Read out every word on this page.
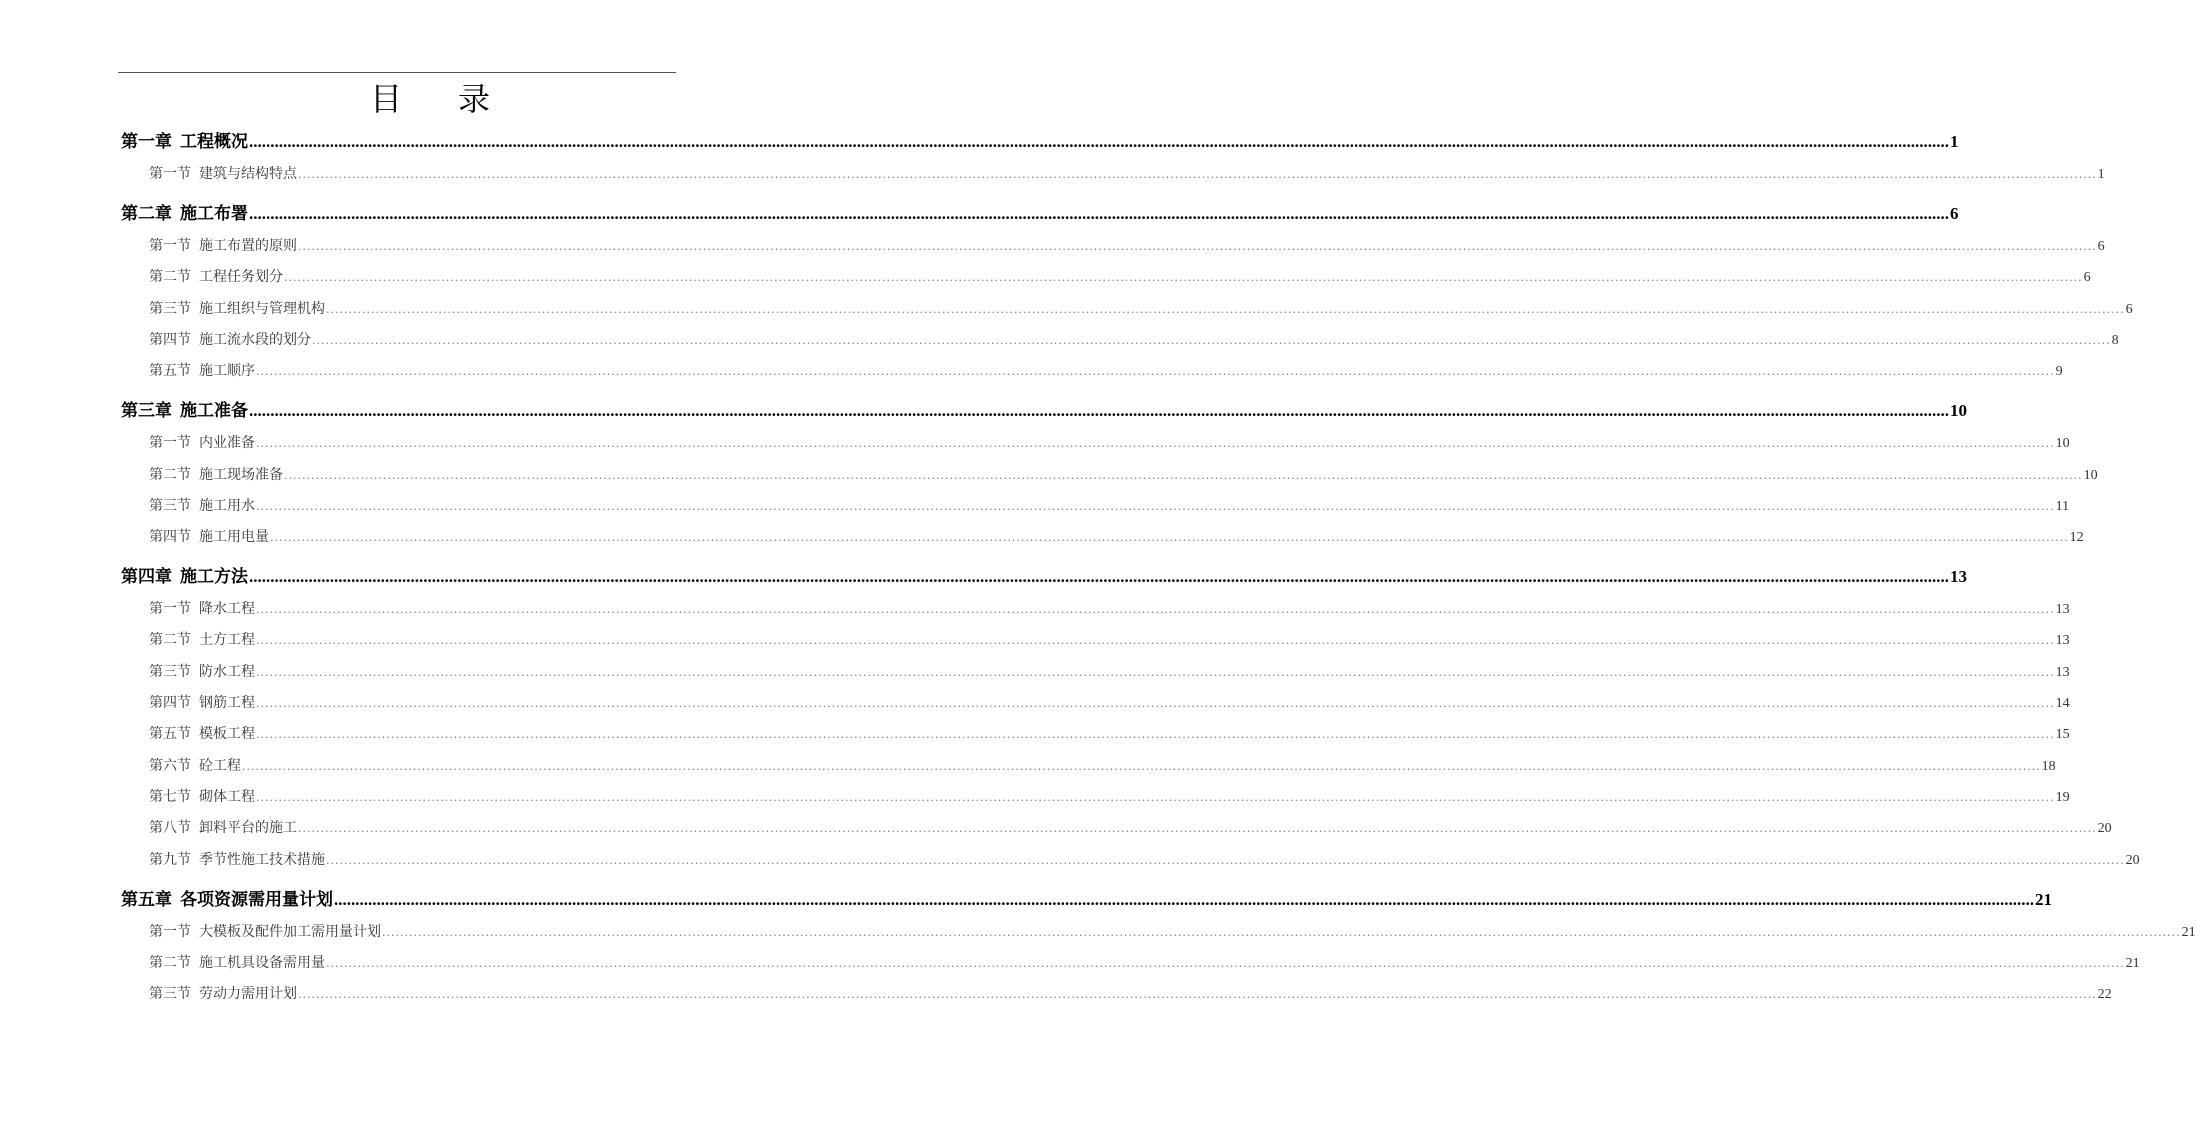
目 录
第一章 工程概况 ................................................................................................................................................................................................................................................................................................................................................................................................................ 1
第一节 建筑与结构特点 ................................................................................................................................................................................................................................................................................................................................................................................................................ 1
第二章 施工布署 ................................................................................................................................................................................................................................................................................................................................................................................................................ 6
第一节 施工布置的原则 ................................................................................................................................................................................................................................................................................................................................................................................................................ 6
第二节 工程任务划分 ................................................................................................................................................................................................................................................................................................................................................................................................................ 6
第三节 施工组织与管理机构 ................................................................................................................................................................................................................................................................................................................................................................................................................ 6
第四节 施工流水段的划分 ................................................................................................................................................................................................................................................................................................................................................................................................................ 8
第五节 施工顺序 ................................................................................................................................................................................................................................................................................................................................................................................................................ 9
第三章 施工准备 ................................................................................................................................................................................................................................................................................................................................................................................................................ 10
第一节 内业准备 ................................................................................................................................................................................................................................................................................................................................................................................................................ 10
第二节 施工现场准备 ................................................................................................................................................................................................................................................................................................................................................................................................................ 10
第三节 施工用水 ................................................................................................................................................................................................................................................................................................................................................................................................................ 11
第四节 施工用电量 ................................................................................................................................................................................................................................................................................................................................................................................................................ 12
第四章 施工方法 ................................................................................................................................................................................................................................................................................................................................................................................................................ 13
第一节 降水工程 ................................................................................................................................................................................................................................................................................................................................................................................................................ 13
第二节 土方工程 ................................................................................................................................................................................................................................................................................................................................................................................................................ 13
第三节 防水工程 ................................................................................................................................................................................................................................................................................................................................................................................................................ 13
第四节 钢筋工程 ................................................................................................................................................................................................................................................................................................................................................................................................................ 14
第五节 模板工程 ................................................................................................................................................................................................................................................................................................................................................................................................................ 15
第六节 砼工程 ................................................................................................................................................................................................................................................................................................................................................................................................................ 18
第七节 砌体工程 ................................................................................................................................................................................................................................................................................................................................................................................................................ 19
第八节 卸料平台的施工 ................................................................................................................................................................................................................................................................................................................................................................................................................ 20
第九节 季节性施工技术措施 ................................................................................................................................................................................................................................................................................................................................................................................................................ 20
第五章 各项资源需用量计划 ................................................................................................................................................................................................................................................................................................................................................................................................................ 21
第一节 大模板及配件加工需用量计划 ................................................................................................................................................................................................................................................................................................................................................................................................................ 21
第二节 施工机具设备需用量 ................................................................................................................................................................................................................................................................................................................................................................................................................ 21
第三节 劳动力需用计划 ................................................................................................................................................................................................................................................................................................................................................................................................................ 22
